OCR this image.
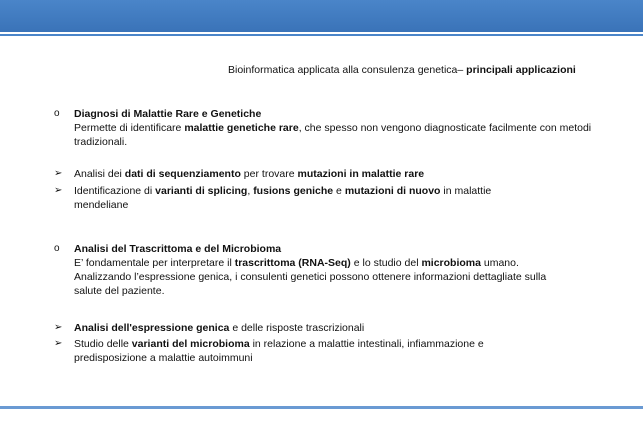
Bioinformatica applicata alla consulenza genetica– principali applicazioni
o Diagnosi di Malattie Rare e Genetiche
Permette di identificare malattie genetiche rare, che spesso non vengono diagnosticate facilmente con metodi tradizionali.

➢ Analisi dei dati di sequenziamento per trovare mutazioni in malattie rare

➢ Identificazione di varianti di splicing, fusions geniche e mutazioni di nuovo in malattie mendeliane

o Analisi del Trascrittoma e del Microbioma
E’ fondamentale per interpretare il trascrittoma (RNA-Seq) e lo studio del microbioma umano. Analizzando l’espressione genica, i consulenti genetici possono ottenere informazioni dettagliate sulla salute del paziente.

➢ Analisi dell'espressione genica e delle risposte trascrizionali

➢ Studio delle varianti del microbioma in relazione a malattie intestinali, infiammazione e predisposizione a malattie autoimmuni
